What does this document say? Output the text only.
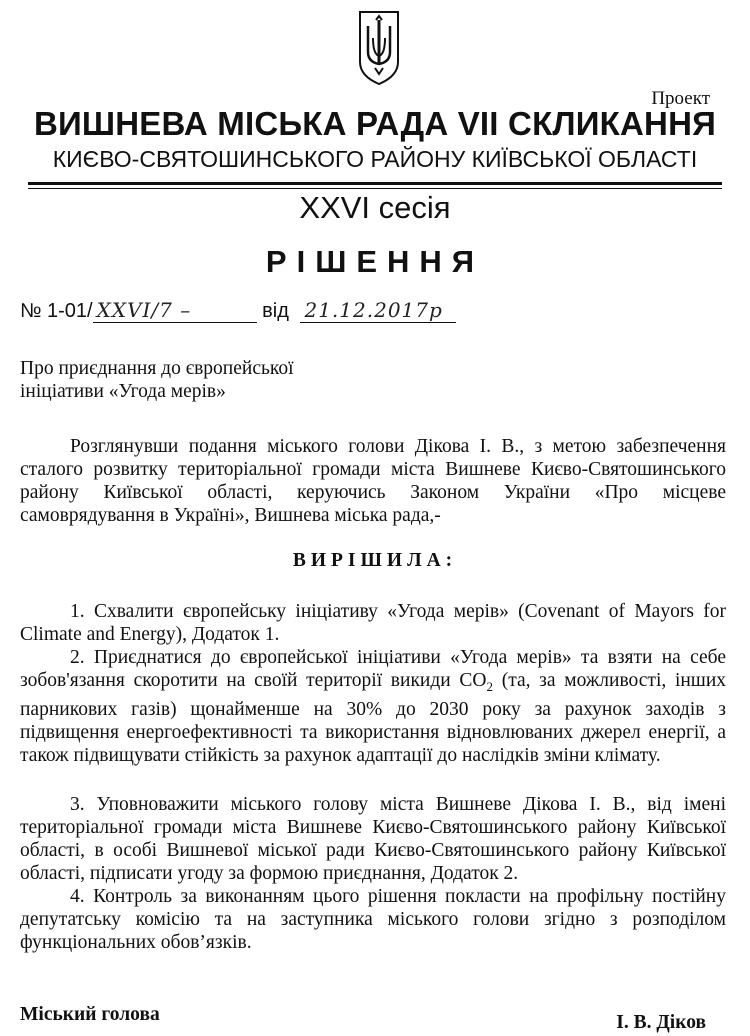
Проект
ВИШНЕВА МІСЬКА РАДА VII СКЛИКАННЯ
КИЄВО-СВЯТОШИНСЬКОГО РАЙОНУ КИЇВСЬКОЇ ОБЛАСТІ
XXVI сесія
РІШЕННЯ
№ 1-01/ XXVI/7 –	від 21.12.2017р
Про приєднання до європейської
ініціативи «Угода мерів»
Розглянувши подання міського голови Дікова І. В., з метою забезпечення сталого розвитку територіальної громади міста Вишневе Києво-Святошинського району Київської області, керуючись Законом України «Про місцеве самоврядування в Україні», Вишнева міська рада,-
ВИРІШИЛА:
1. Схвалити європейську ініціативу «Угода мерів» (Covenant of Mayors for Climate and Energy), Додаток 1.
2. Приєднатися до європейської ініціативи «Угода мерів» та взяти на себе зобов'язання скоротити на своїй території викиди $CO_2$ (та, за можливості, інших парникових газів) щонайменше на 30% до 2030 року за рахунок заходів з підвищення енергоефективності та використання відновлюваних джерел енергії, а також підвищувати стійкість за рахунок адаптації до наслідків зміни клімату.
3. Уповноважити міського голову міста Вишневе Дікова І. В., від імені територіальної громади міста Вишневе Києво-Святошинського району Київської області, в особі Вишневої міської ради Києво-Святошинського району Київської області, підписати угоду за формою приєднання, Додаток 2.
4. Контроль за виконанням цього рішення покласти на профільну постійну депутатську комісію та на заступника міського голови згідно з розподілом функціональних обов’язків.
Міський голова	І. В. Діков
